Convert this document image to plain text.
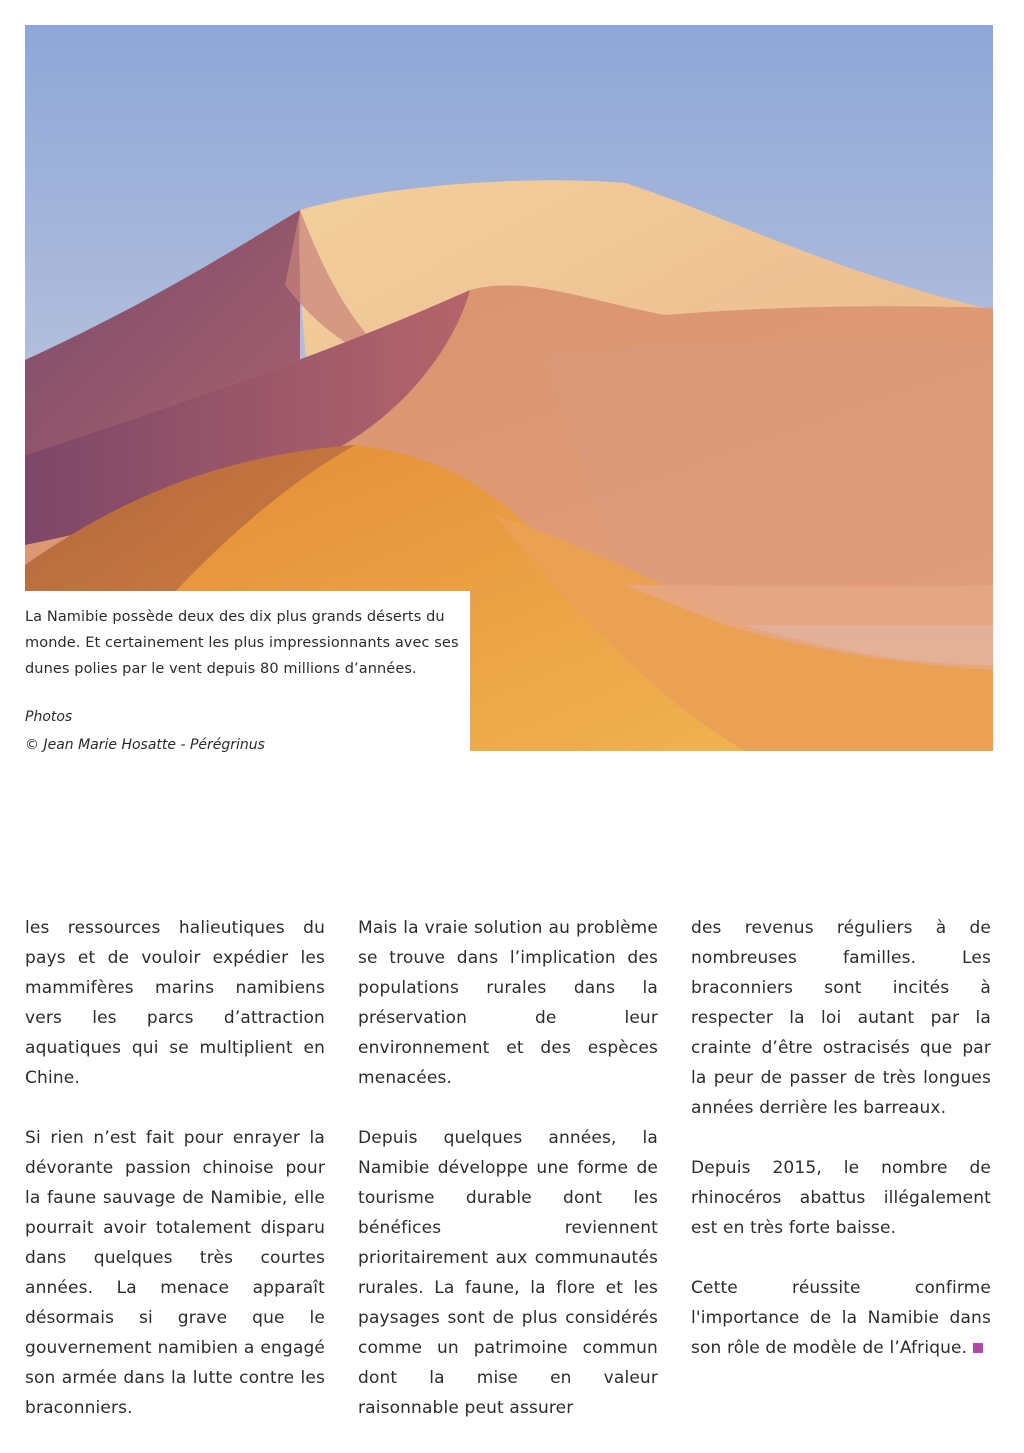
La Namibie possède deux des dix plus grands déserts du monde. Et certainement les plus impressionnants avec ses dunes polies par le vent depuis 80 millions d’années.

Photos
© Jean Marie Hosatte - Pérégrinus

les ressources halieutiques du pays et de vouloir expédier les mammifères marins namibiens vers les parcs d’attraction aquatiques qui se multiplient en Chine.

Si rien n’est fait pour enrayer la dévorante passion chinoise pour la faune sauvage de Namibie, elle pourrait avoir totalement disparu dans quelques très courtes années. La menace apparaît désormais si grave que le gouvernement namibien a engagé son armée dans la lutte contre les braconniers.

Mais la vraie solution au problème se trouve dans l’implication des populations rurales dans la préservation de leur environnement et des espèces menacées.

Depuis quelques années, la Namibie développe une forme de tourisme durable dont les bénéfices reviennent prioritairement aux communautés rurales. La faune, la flore et les paysages sont de plus considérés comme un patrimoine commun dont la mise en valeur raisonnable peut assurer

des revenus réguliers à de nombreuses familles. Les braconniers sont incités à respecter la loi autant par la crainte d’être ostracisés que par la peur de passer de très longues années derrière les barreaux.

Depuis 2015, le nombre de rhinocéros abattus illégalement est en très forte baisse.

Cette réussite confirme l'importance de la Namibie dans son rôle de modèle de l’Afrique.
